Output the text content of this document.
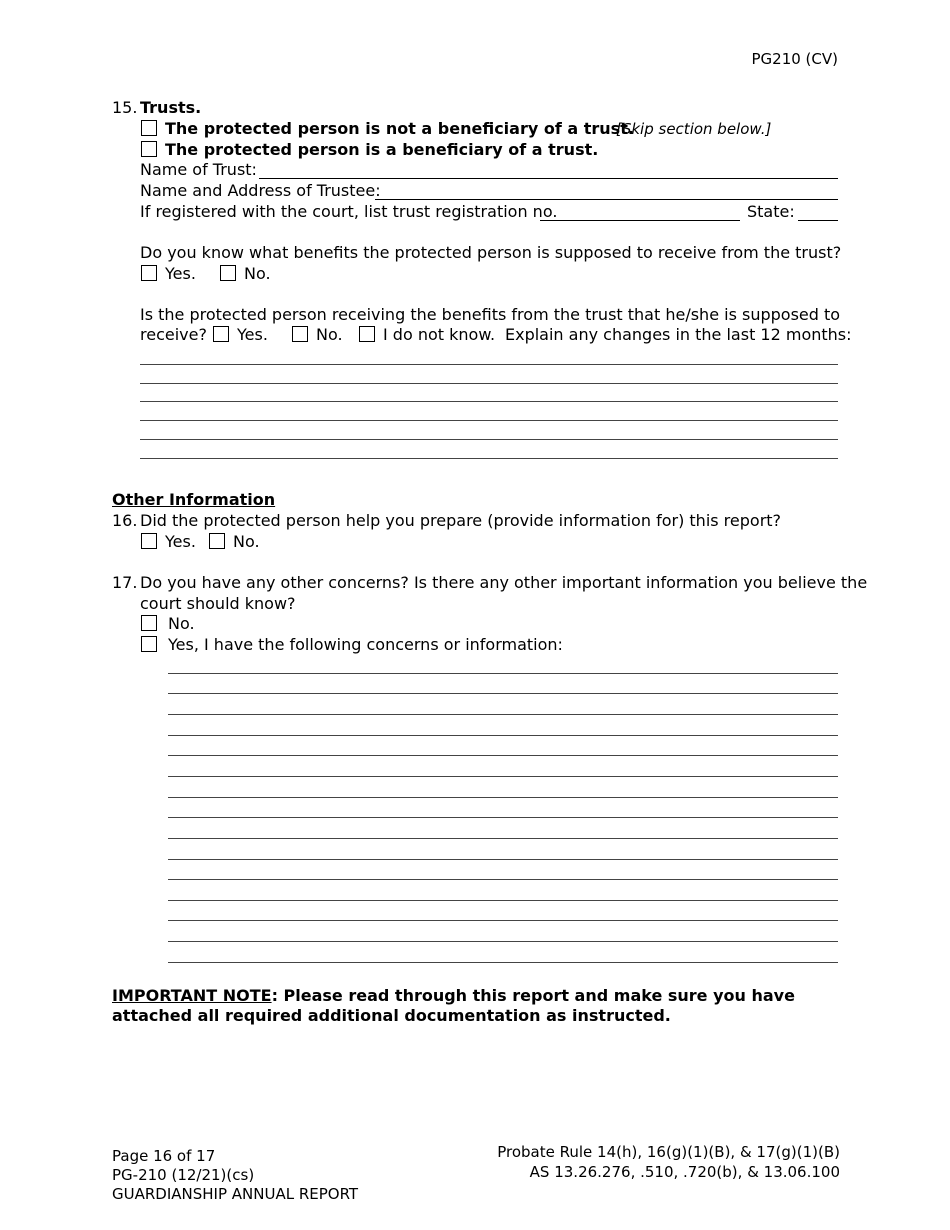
PG210 (CV)
15. Trusts.
The protected person is not a beneficiary of a trust.
[Skip section below.]
The protected person is a beneficiary of a trust.
Name of Trust:
Name and Address of Trustee:
If registered with the court, list trust registration no.	State:
Do you know what benefits the protected person is supposed to receive from the trust?
Yes.	No.
Is the protected person receiving the benefits from the trust that he/she is supposed to
receive? Yes.	No.	I do not know. Explain any changes in the last 12 months:
Other Information
16. Did the protected person help you prepare (provide information for) this report?
Yes. No.
17. Do you have any other concerns? Is there any other important information you believe the
court should know?
No.
Yes, I have the following concerns or information:
IMPORTANT NOTE: Please read through this report and make sure you have
attached all required additional documentation as instructed.
Page 16 of 17
PG-210 (12/21)(cs)
GUARDIANSHIP ANNUAL REPORT
Probate Rule 14(h), 16(g)(1)(B), & 17(g)(1)(B)
AS 13.26.276, .510, .720(b), & 13.06.100
